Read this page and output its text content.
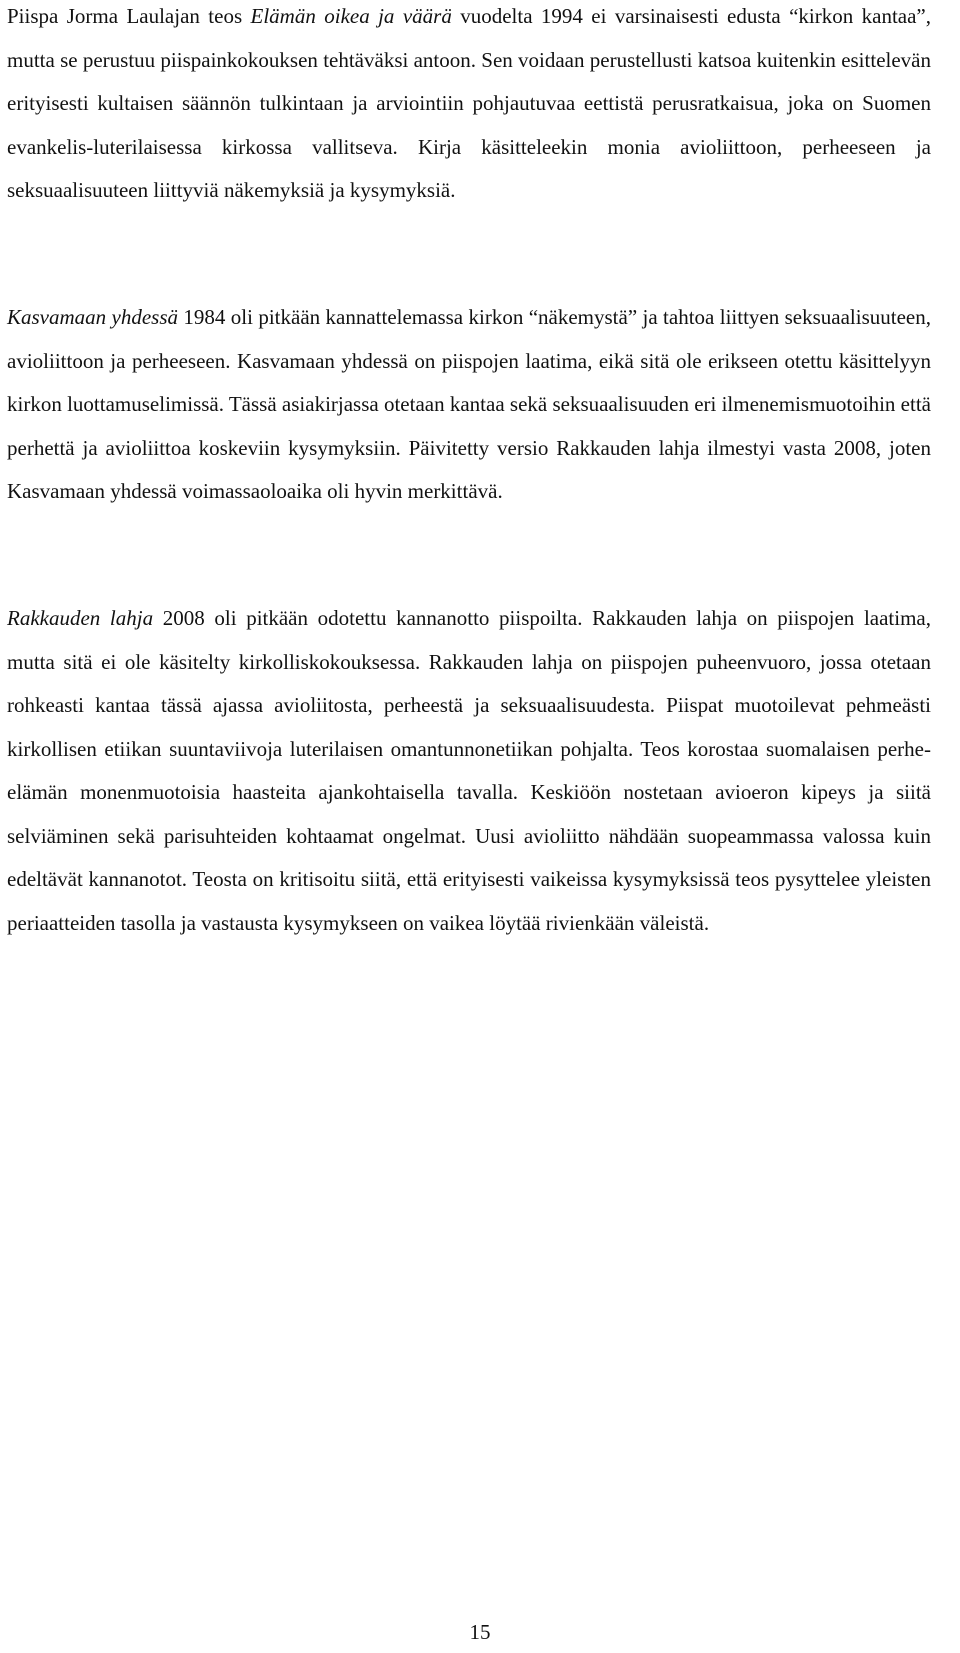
Piispa Jorma Laulajan teos Elämän oikea ja väärä vuodelta 1994 ei varsinaisesti edusta “kirkon kantaa”, mutta se perustuu piispainkokouksen tehtäväksi antoon. Sen voidaan perustellusti katsoa kuitenkin esittelevän erityisesti kultaisen säännön tulkintaan ja arviointiin pohjautuvaa eettistä perusratkaisua, joka on Suomen evankelis-luterilaisessa kirkossa vallitseva. Kirja käsitteleekin monia avioliittoon, perheeseen ja seksuaalisuuteen liittyviä näkemyksiä ja kysymyksiä.

Kasvamaan yhdessä 1984 oli pitkään kannattelemassa kirkon “näkemystä” ja tahtoa liittyen seksuaalisuuteen, avioliittoon ja perheeseen. Kasvamaan yhdessä on piispojen laatima, eikä sitä ole erikseen otettu käsittelyyn kirkon luottamuselimissä. Tässä asiakirjassa otetaan kantaa sekä seksuaalisuuden eri ilmenemismuotoihin että perhettä ja avioliittoa koskeviin kysymyksiin. Päivitetty versio Rakkauden lahja ilmestyi vasta 2008, joten Kasvamaan yhdessä voimassaoloaika oli hyvin merkittävä.

Rakkauden lahja 2008 oli pitkään odotettu kannanotto piispoilta. Rakkauden lahja on piispojen laatima, mutta sitä ei ole käsitelty kirkolliskokouksessa. Rakkauden lahja on piispojen puheenvuoro, jossa otetaan rohkeasti kantaa tässä ajassa avioliitosta, perheestä ja seksuaalisuudesta. Piispat muotoilevat pehmeästi kirkollisen etiikan suuntaviivoja luterilaisen omantunnonetiikan pohjalta. Teos korostaa suomalaisen perhe-elämän monenmuotoisia haasteita ajankohtaisella tavalla. Keskiöön nostetaan avioeron kipeys ja siitä selviäminen sekä parisuhteiden kohtaamat ongelmat. Uusi avioliitto nähdään suopeammassa valossa kuin edeltävät kannanotot. Teosta on kritisoitu siitä, että erityisesti vaikeissa kysymyksissä teos pysyttelee yleisten periaatteiden tasolla ja vastausta kysymykseen on vaikea löytää rivienkään väleistä.

15
